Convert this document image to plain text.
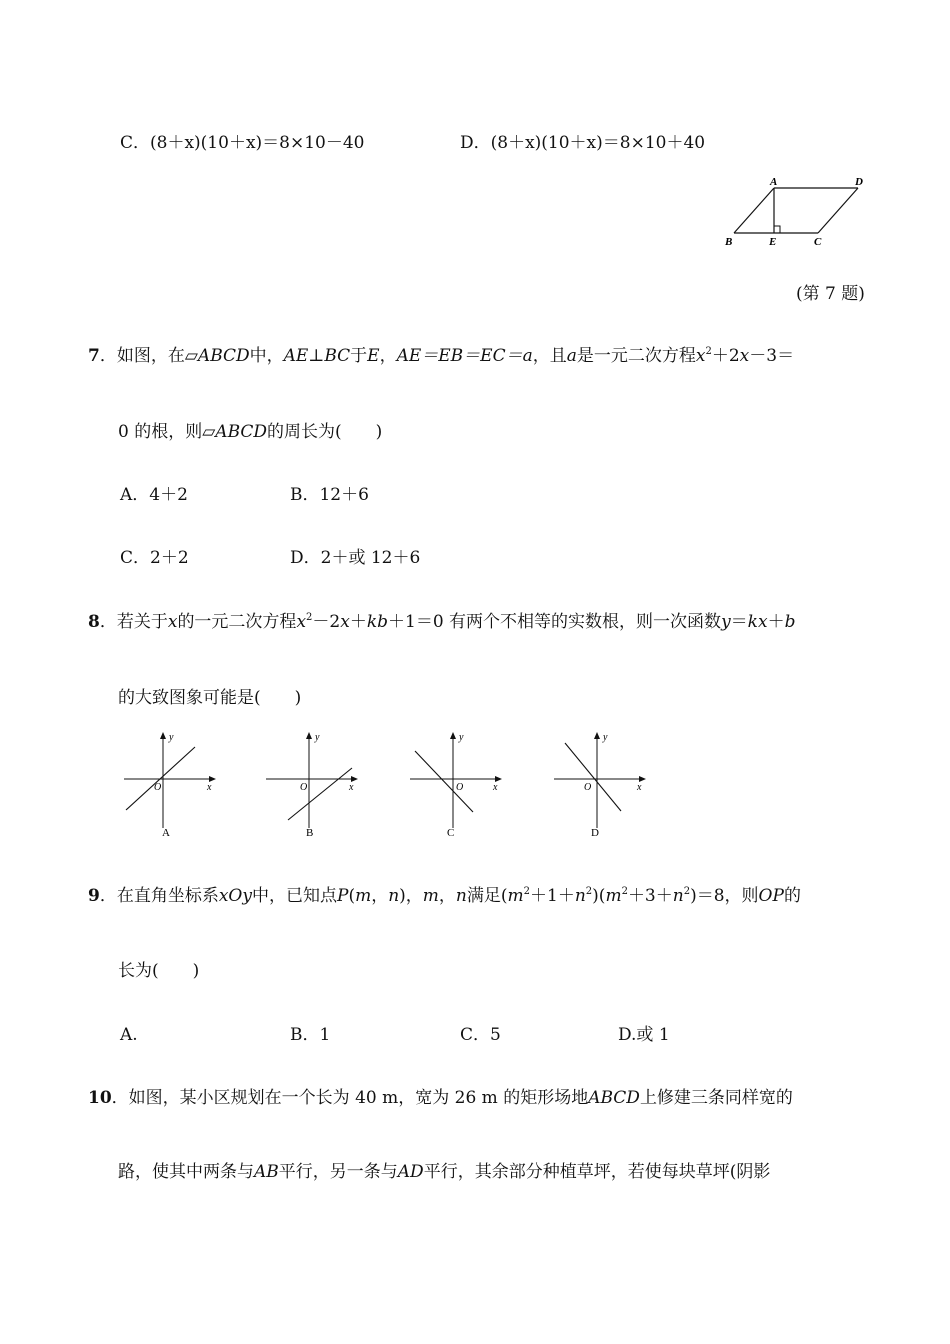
C．(8＋x)(10＋x)＝8×10－40	D．(8＋x)(10＋x)＝8×10＋40
A	D
B	E	C
(第 7 题)
7．如图，在▱ABCD中，AE⊥BC于E，AE＝EB＝EC＝a，且a是一元二次方程$x^2+2x-3=$
0 的根，则▱ABCD的周长为(　　)
A．4＋2	B．12＋6
C．2＋2	D．2＋或 12＋6
8．若关于x的一元二次方程$x^2-2x+kb+1=0$ 有两个不相等的实数根，则一次函数y＝kx＋b
的大致图象可能是(　　)
y
x
O
A
y
x
O
B
y
x
O
C
y
x
O
D
9．在直角坐标系xOy中，已知点P(m，n)，m，n满足$(m^2+1+n^2)(m^2+3+n^2)=8$，则OP的
长为(　　)
A.	B．1	C．5	D.或 1
10．如图，某小区规划在一个长为 40 m，宽为 26 m 的矩形场地ABCD上修建三条同样宽的
路，使其中两条与AB平行，另一条与AD平行，其余部分种植草坪，若使每块草坪(阴影
